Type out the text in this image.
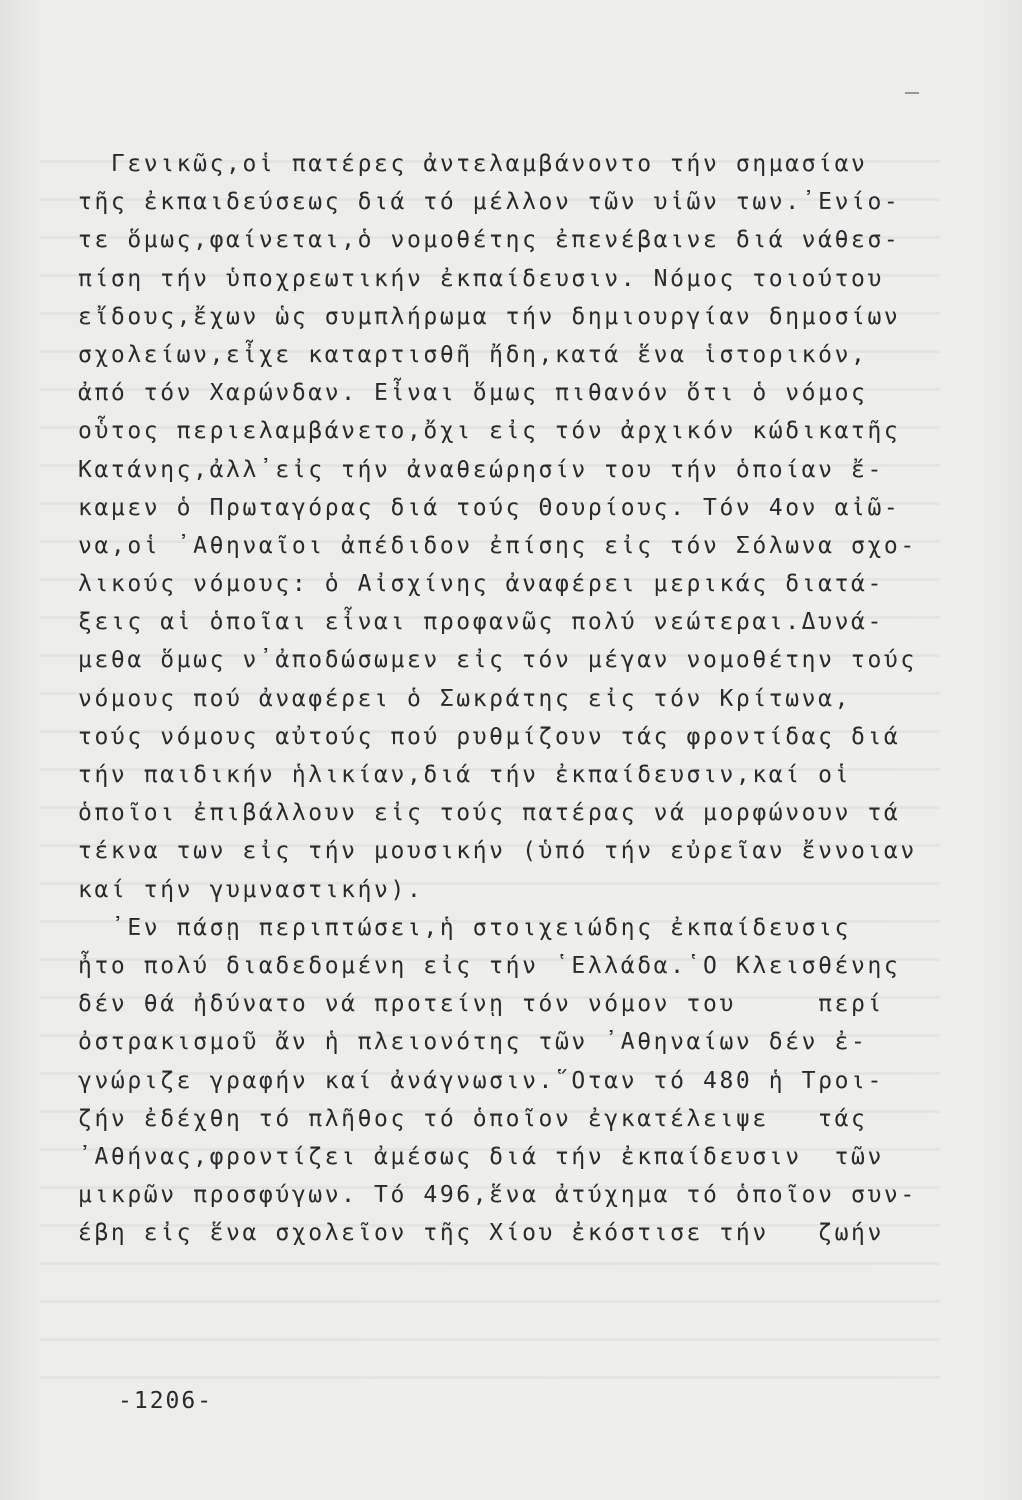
Γενικῶς,οἱ πατέρες ἀντελαμβάνοντο τήν σημασίαν
τῆς ἐκπαιδεύσεως διά τό μέλλον τῶν υἱῶν των.᾿Ενίο-
τε ὅμως,φαίνεται,ὁ νομοθέτης ἐπενέβαινε διά νάθεσ-
πίση τήν ὑποχρεωτικήν ἐκπαίδευσιν. Νόμος τοιούτου
εἴδους,ἔχων ὡς συμπλήρωμα τήν δημιουργίαν δημοσίων
σχολείων,εἶχε καταρτισθῆ ἤδη,κατά ἕνα ἱστορικόν,
ἀπό τόν Χαρώνδαν. Εἶναι ὅμως πιθανόν ὅτι ὁ νόμος
οὗτος περιελαμβάνετο,ὄχι εἰς τόν ἀρχικόν κώδικατῆς
Κατάνης,ἀλλ᾿εἰς τήν ἀναθεώρησίν του τήν ὁποίαν ἔ-
καμεν ὁ Πρωταγόρας διά τούς Θουρίους. Τόν 4ον αἰῶ-
να,οἱ ᾿Αθηναῖοι ἀπέδιδον ἐπίσης εἰς τόν Σόλωνα σχο-
λικούς νόμους: ὁ Αἰσχίνης ἀναφέρει μερικάς διατά-
ξεις αἱ ὁποῖαι εἶναι προφανῶς πολύ νεώτεραι.Δυνά-
μεθα ὅμως ν᾿ἀποδώσωμεν εἰς τόν μέγαν νομοθέτην τούς
νόμους πού ἀναφέρει ὁ Σωκράτης εἰς τόν Κρίτωνα,
τούς νόμους αὐτούς πού ρυθμίζουν τάς φροντίδας διά
τήν παιδικήν ἡλικίαν,διά τήν ἐκπαίδευσιν,καί οἱ
ὁποῖοι ἐπιβάλλουν εἰς τούς πατέρας νά μορφώνουν τά
τέκνα των εἰς τήν μουσικήν (ὑπό τήν εὐρεῖαν ἔννοιαν
καί τήν γυμναστικήν).
᾿Εν πάσῃ περιπτώσει,ἡ στοιχειώδης ἐκπαίδευσις
ἦτο πολύ διαδεδομένη εἰς τήν ῾Ελλάδα.῾Ο Κλεισθένης
δέν θά ἠδύνατο νά προτείνῃ τόν νόμον του     περί
ὀστρακισμοῦ ἄν ἡ πλειονότης τῶν ᾿Αθηναίων δέν ἐ-
γνώριζε γραφήν καί ἀνάγνωσιν.῞Οταν τό 480 ἡ Τροι-
ζήν ἐδέχθη τό πλῆθος τό ὁποῖον ἐγκατέλειψε   τάς
᾿Αθήνας,φροντίζει ἀμέσως διά τήν ἐκπαίδευσιν  τῶν
μικρῶν προσφύγων. Τό 496,ἕνα ἀτύχημα τό ὁποῖον συν-
έβη εἰς ἕνα σχολεῖον τῆς Χίου ἐκόστισε τήν   ζωήν
-1206-
